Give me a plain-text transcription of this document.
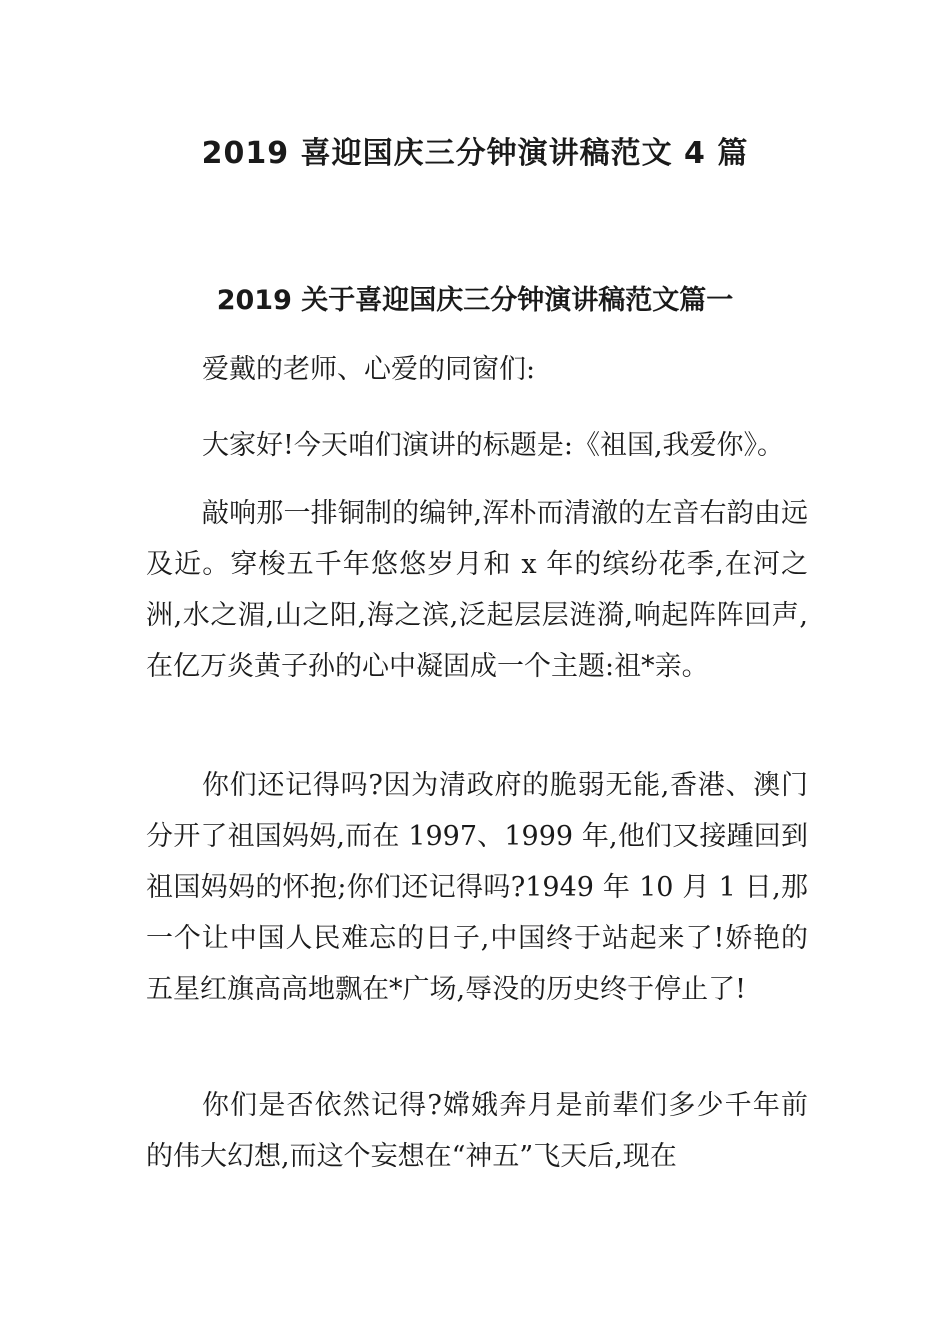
2019 喜迎国庆三分钟演讲稿范文 4 篇
2019 关于喜迎国庆三分钟演讲稿范文篇一

爱戴的老师、心爱的同窗们:

大家好!今天咱们演讲的标题是:《祖国,我爱你》。

敲响那一排铜制的编钟,浑朴而清澈的左音右韵由远及近。穿梭五千年悠悠岁月和 x 年的缤纷花季,在河之洲,水之湄,山之阳,海之滨,泛起层层涟漪,响起阵阵回声,在亿万炎黄子孙的心中凝固成一个主题:祖*亲。

你们还记得吗?因为清政府的脆弱无能,香港、澳门分开了祖国妈妈,而在 1997、1999 年,他们又接踵回到祖国妈妈的怀抱;你们还记得吗?1949 年 10 月 1 日,那一个让中国人民难忘的日子,中国终于站起来了!娇艳的五星红旗高高地飘在*广场,辱没的历史终于停止了!

你们是否依然记得?嫦娥奔月是前辈们多少千年前的伟大幻想,而这个妄想在“神五”飞天后,现在
